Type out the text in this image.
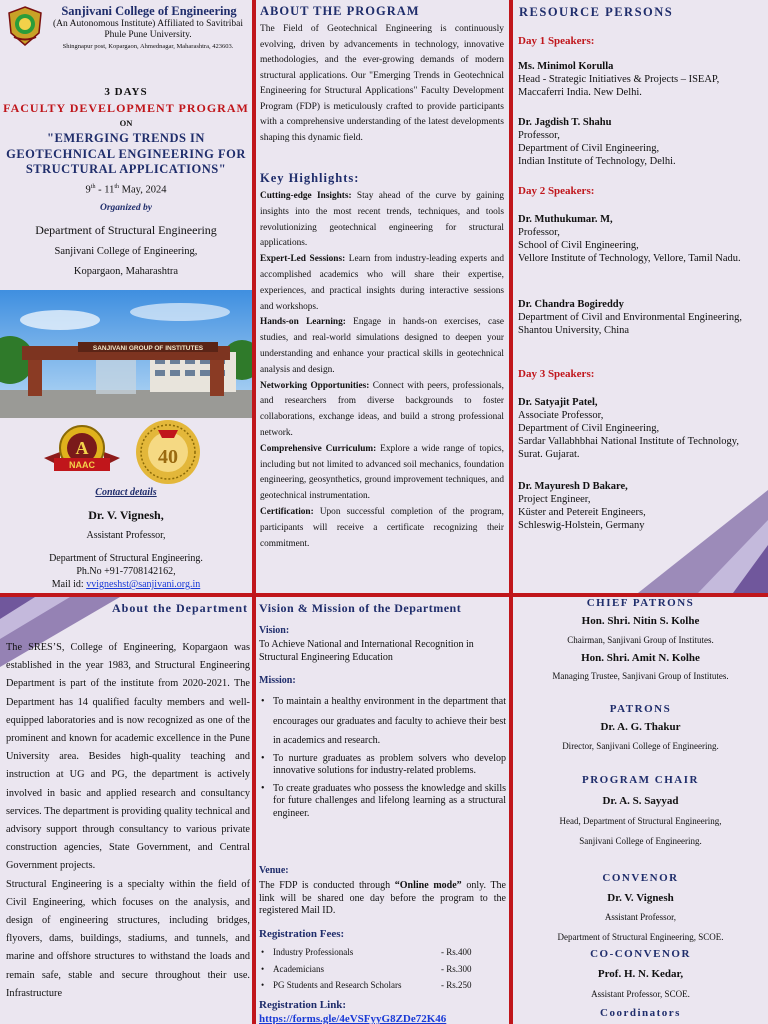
Sanjivani College of Engineering
(An Autonomous Institute) Affiliated to Savitribai Phule Pune University.
Shingnapur post, Kopargaon, Ahmednagar, Maharashtra, 423603.
3 DAYS
FACULTY DEVELOPMENT PROGRAM
ON
"EMERGING TRENDS IN GEOTECHNICAL ENGINEERING FOR STRUCTURAL APPLICATIONS"
9th - 11th May, 2024
Organized by
Department of Structural Engineering
Sanjivani College of Engineering,
Kopargaon, Maharashtra
SANJIVANI GROUP OF INSTITUTES
A
NAAC	40
Contact details
Dr. V. Vignesh,
Assistant Professor,
Department of Structural Engineering.
Ph.No +91-7708142162,
Mail id: vvigneshst@sanjivani.org.in
ABOUT THE PROGRAM

The Field of Geotechnical Engineering is continuously evolving, driven by advancements in technology, innovative methodologies, and the ever-growing demands of modern structural applications. Our "Emerging Trends in Geotechnical Engineering for Structural Applications" Faculty Development Program (FDP) is meticulously crafted to provide participants with a comprehensive understanding of the latest developments shaping this dynamic field.

Key Highlights:

Cutting-edge Insights: Stay ahead of the curve by gaining insights into the most recent trends, techniques, and tools revolutionizing geotechnical engineering for structural applications.

Expert-Led Sessions: Learn from industry-leading experts and accomplished academics who will share their expertise, experiences, and practical insights during interactive sessions and workshops.

Hands-on Learning: Engage in hands-on exercises, case studies, and real-world simulations designed to deepen your understanding and enhance your practical skills in geotechnical analysis and design.

Networking Opportunities: Connect with peers, professionals, and researchers from diverse backgrounds to foster collaborations, exchange ideas, and build a strong professional network.

Comprehensive Curriculum: Explore a wide range of topics, including but not limited to advanced soil mechanics, foundation engineering, geosynthetics, ground improvement techniques, and geotechnical instrumentation.

Certification: Upon successful completion of the program, participants will receive a certificate recognizing their commitment.

RESOURCE PERSONS
Day 1 Speakers:
Ms. Minimol Korulla
Head - Strategic Initiatives & Projects – ISEAP,
Maccaferri India. New Delhi.
Dr. Jagdish T. Shahu
Professor,
Department of Civil Engineering,
Indian Institute of Technology, Delhi.
Day 2 Speakers:
Dr. Muthukumar. M,
Professor,
School of Civil Engineering,
Vellore Institute of Technology, Vellore, Tamil Nadu.
Dr. Chandra Bogireddy
Department of Civil and Environmental Engineering,
Shantou University, China
Day 3 Speakers:
Dr. Satyajit Patel,
Associate Professor,
Department of Civil Engineering,
Sardar Vallabhbhai National Institute of Technology, Surat. Gujarat.
Dr. Mayuresh D Bakare,
Project Engineer,
Küster and Petereit Engineers,
Schleswig-Holstein, Germany
About the Department

The SRES’S, College of Engineering, Kopargaon was established in the year 1983, and Structural Engineering Department is part of the institute from 2020-2021. The Department has 14 qualified faculty members and well-equipped laboratories and is now recognized as one of the prominent and known for academic excellence in the Pune University area. Besides high-quality teaching and instruction at UG and PG, the department is actively involved in basic and applied research and consultancy services. The department is providing quality technical and advisory support through consultancy to various private construction agencies, State Government, and Central Government projects.

Structural Engineering is a specialty within the field of Civil Engineering, which focuses on the analysis, and design of engineering structures, including bridges, flyovers, dams, buildings, stadiums, and tunnels, and marine and offshore structures to withstand the loads and remain safe, stable and secure throughout their use. Infrastructure

Vision & Mission of the Department
Vision:
To Achieve National and International Recognition in Structural Engineering Education
Mission:
• To maintain a healthy environment in the department that encourages our graduates and faculty to achieve their best in academics and research.
• To nurture graduates as problem solvers who develop innovative solutions for industry-related problems.
• To create graduates who possess the knowledge and skills for future challenges and lifelong learning as a structural engineer.
Venue:
The FDP is conducted through “Online mode” only. The link will be shared one day before the program to the registered Mail ID.
Registration Fees:
• Industry Professionals	- Rs.400
• Academicians	- Rs.300
• PG Students and Research Scholars	- Rs.250
Registration Link:
https://forms.gle/4eVSFyyG8ZDe72K46
CHIEF PATRONS
Hon. Shri. Nitin S. Kolhe
Chairman, Sanjivani Group of Institutes.
Hon. Shri. Amit N. Kolhe
Managing Trustee, Sanjivani Group of Institutes.
PATRONS
Dr. A. G. Thakur
Director, Sanjivani College of Engineering.
PROGRAM CHAIR
Dr. A. S. Sayyad
Head, Department of Structural Engineering,
Sanjivani College of Engineering.
CONVENOR
Dr. V. Vignesh
Assistant Professor,
Department of Structural Engineering, SCOE.
CO-CONVENOR
Prof. H. N. Kedar,
Assistant Professor, SCOE.
Coordinators
